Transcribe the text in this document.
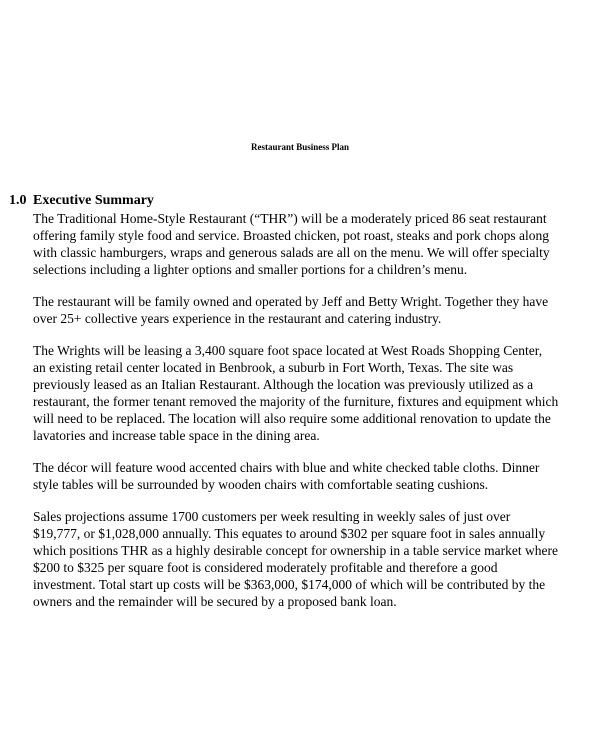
Restaurant Business Plan
1.0 Executive Summary

The Traditional Home-Style Restaurant (“THR”) will be a moderately priced 86 seat restaurant
offering family style food and service. Broasted chicken, pot roast, steaks and pork chops along
with classic hamburgers, wraps and generous salads are all on the menu. We will offer specialty
selections including a lighter options and smaller portions for a children’s menu.

The restaurant will be family owned and operated by Jeff and Betty Wright. Together they have
over 25+ collective years experience in the restaurant and catering industry.

The Wrights will be leasing a 3,400 square foot space located at West Roads Shopping Center,
an existing retail center located in Benbrook, a suburb in Fort Worth, Texas. The site was
previously leased as an Italian Restaurant. Although the location was previously utilized as a
restaurant, the former tenant removed the majority of the furniture, fixtures and equipment which
will need to be replaced. The location will also require some additional renovation to update the
lavatories and increase table space in the dining area.

The décor will feature wood accented chairs with blue and white checked table cloths. Dinner
style tables will be surrounded by wooden chairs with comfortable seating cushions.

Sales projections assume 1700 customers per week resulting in weekly sales of just over
$19,777, or $1,028,000 annually. This equates to around $302 per square foot in sales annually
which positions THR as a highly desirable concept for ownership in a table service market where
$200 to $325 per square foot is considered moderately profitable and therefore a good
investment. Total start up costs will be $363,000, $174,000 of which will be contributed by the
owners and the remainder will be secured by a proposed bank loan.
